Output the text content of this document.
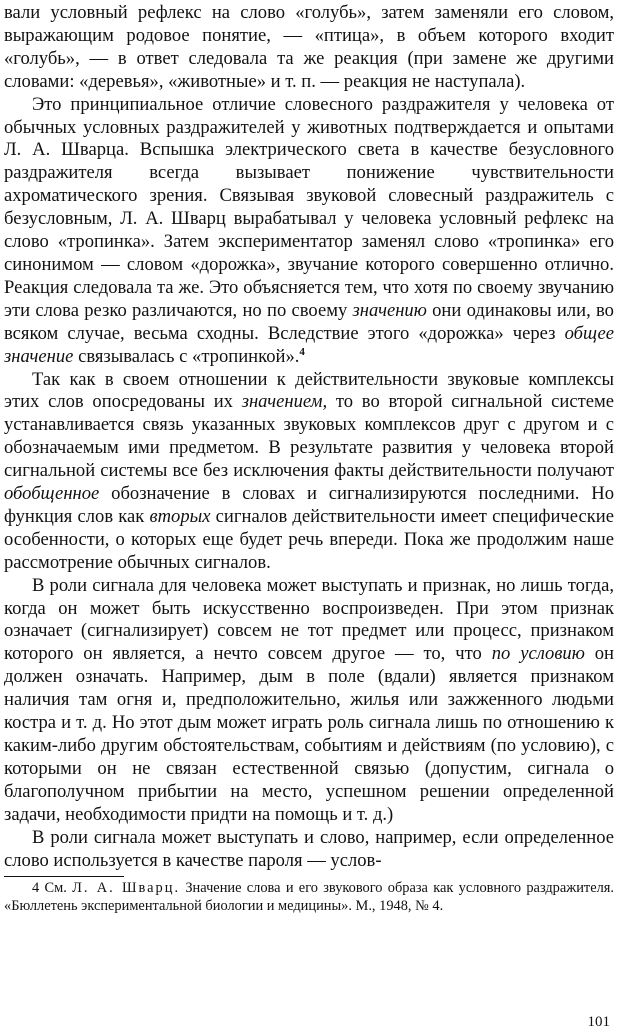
вали условный рефлекс на слово «голубь», затем заменяли его словом, выражающим родовое понятие, — «птица», в объем которого входит «голубь», — в ответ следовала та же реакция (при замене же другими словами: «деревья», «животные» и т. п. — реакция не наступала).

Это принципиальное отличие словесного раздражителя у человека от обычных условных раздражителей у животных подтверждается и опытами Л. А. Шварца. Вспышка электрического света в качестве безусловного раздражителя всегда вызывает понижение чувствительности ахроматического зрения. Связывая звуковой словесный раздражитель с безусловным, Л. А. Шварц вырабатывал у человека условный рефлекс на слово «тропинка». Затем экспериментатор заменял слово «тропинка» его синонимом — словом «дорожка», звучание которого совершенно отлично. Реакция следовала та же. Это объясняется тем, что хотя по своему звучанию эти слова резко различаются, но по своему значению они одинаковы или, во всяком случае, весьма сходны. Вследствие этого «дорожка» через общее значение связывалась с «тропинкой».$^4$

Так как в своем отношении к действительности звуковые комплексы этих слов опосредованы их значением, то во второй сигнальной системе устанавливается связь указанных звуковых комплексов друг с другом и с обозначаемым ими предметом. В результате развития у человека второй сигнальной системы все без исключения факты действительности получают обобщенное обозначение в словах и сигнализируются последними. Но функция слов как вторых сигналов действительности имеет специфические особенности, о которых еще будет речь впереди. Пока же продолжим наше рассмотрение обычных сигналов.

В роли сигнала для человека может выступать и признак, но лишь тогда, когда он может быть искусственно воспроизведен. При этом признак означает (сигнализирует) совсем не тот предмет или процесс, признаком которого он является, а нечто совсем другое — то, что по условию он должен означать. Например, дым в поле (вдали) является признаком наличия там огня и, предположительно, жилья или зажженного людьми костра и т. д. Но этот дым может играть роль сигнала лишь по отношению к каким-либо другим обстоятельствам, событиям и действиям (по условию), с которыми он не связан естественной связью (допустим, сигнала о благополучном прибытии на место, успешном решении определенной задачи, необходимости придти на помощь и т. д.)

В роли сигнала может выступать и слово, например, если определенное слово используется в качестве пароля — услов-

4 См. Л. А. Шварц. Значение слова и его звукового образа как условного раздражителя. «Бюллетень экспериментальной биологии и медицины». М., 1948, № 4.

101
